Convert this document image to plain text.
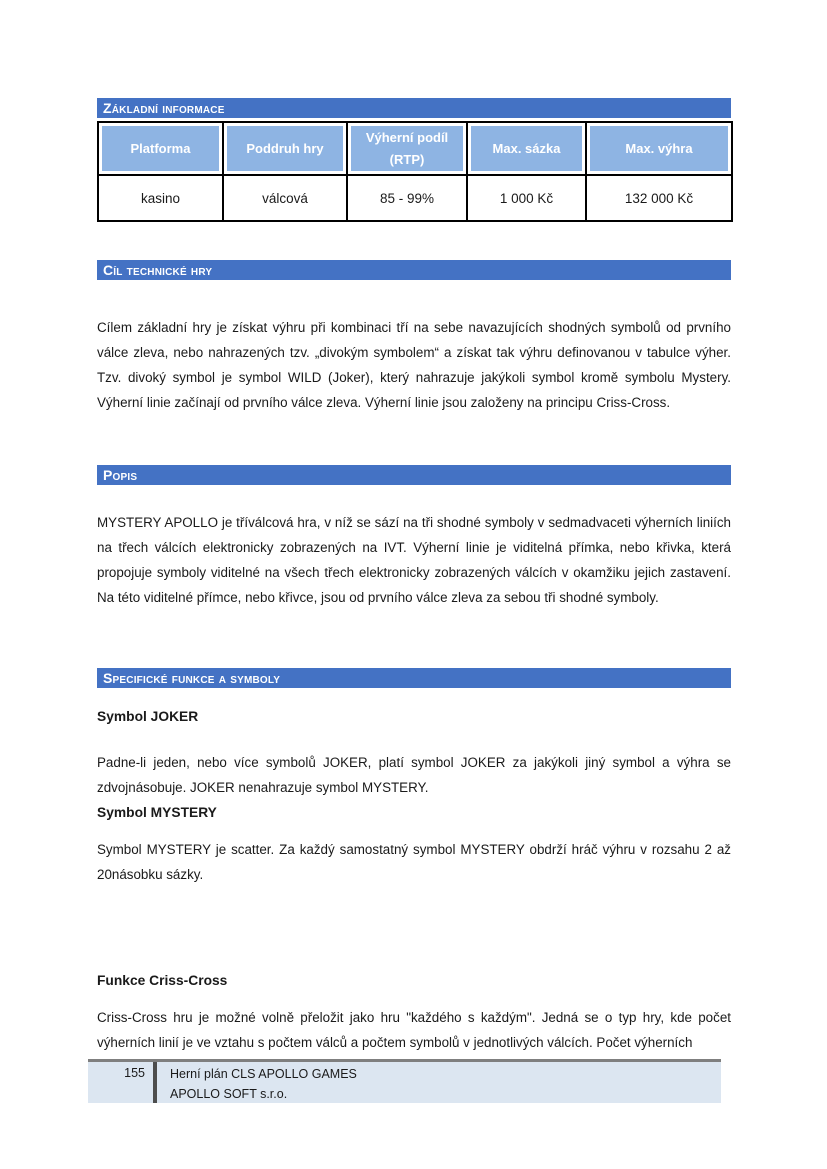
Základní informace
Platforma	Poddruh hry	Výherní podíl (RTP)	Max. sázka	Max. výhra

kasino	válcová	85 - 99%	1 000 Kč	132 000 Kč
Cíl technické hry

Cílem základní hry je získat výhru při kombinaci tří na sebe navazujících shodných symbolů od prvního válce zleva, nebo nahrazených tzv. „divokým symbolem“ a získat tak výhru definovanou v tabulce výher. Tzv. divoký symbol je symbol WILD (Joker), který nahrazuje jakýkoli symbol kromě symbolu Mystery. Výherní linie začínají od prvního válce zleva. Výherní linie jsou založeny na principu Criss-Cross.

Popis

MYSTERY APOLLO je tříválcová hra, v níž se sází na tři shodné symboly v sedmadvaceti výherních liniích na třech válcích elektronicky zobrazených na IVT. Výherní linie je viditelná přímka, nebo křivka, která propojuje symboly viditelné na všech třech elektronicky zobrazených válcích v okamžiku jejich zastavení. Na této viditelné přímce, nebo křivce, jsou od prvního válce zleva za sebou tři shodné symboly.

Specifické funkce a symboly
Symbol JOKER

Padne-li jeden, nebo více symbolů JOKER, platí symbol JOKER za jakýkoli jiný symbol a výhra se zdvojnásobuje. JOKER nenahrazuje symbol MYSTERY.

Symbol MYSTERY

Symbol MYSTERY je scatter. Za každý samostatný symbol MYSTERY obdrží hráč výhru v rozsahu 2 až 20násobku sázky.

Funkce Criss-Cross

Criss-Cross hru je možné volně přeložit jako hru "každého s každým". Jedná se o typ hry, kde počet výherních linií je ve vztahu s počtem válců a počtem symbolů v jednotlivých válcích. Počet výherních

155 Herní plán CLS APOLLO GAMES
APOLLO SOFT s.r.o.
